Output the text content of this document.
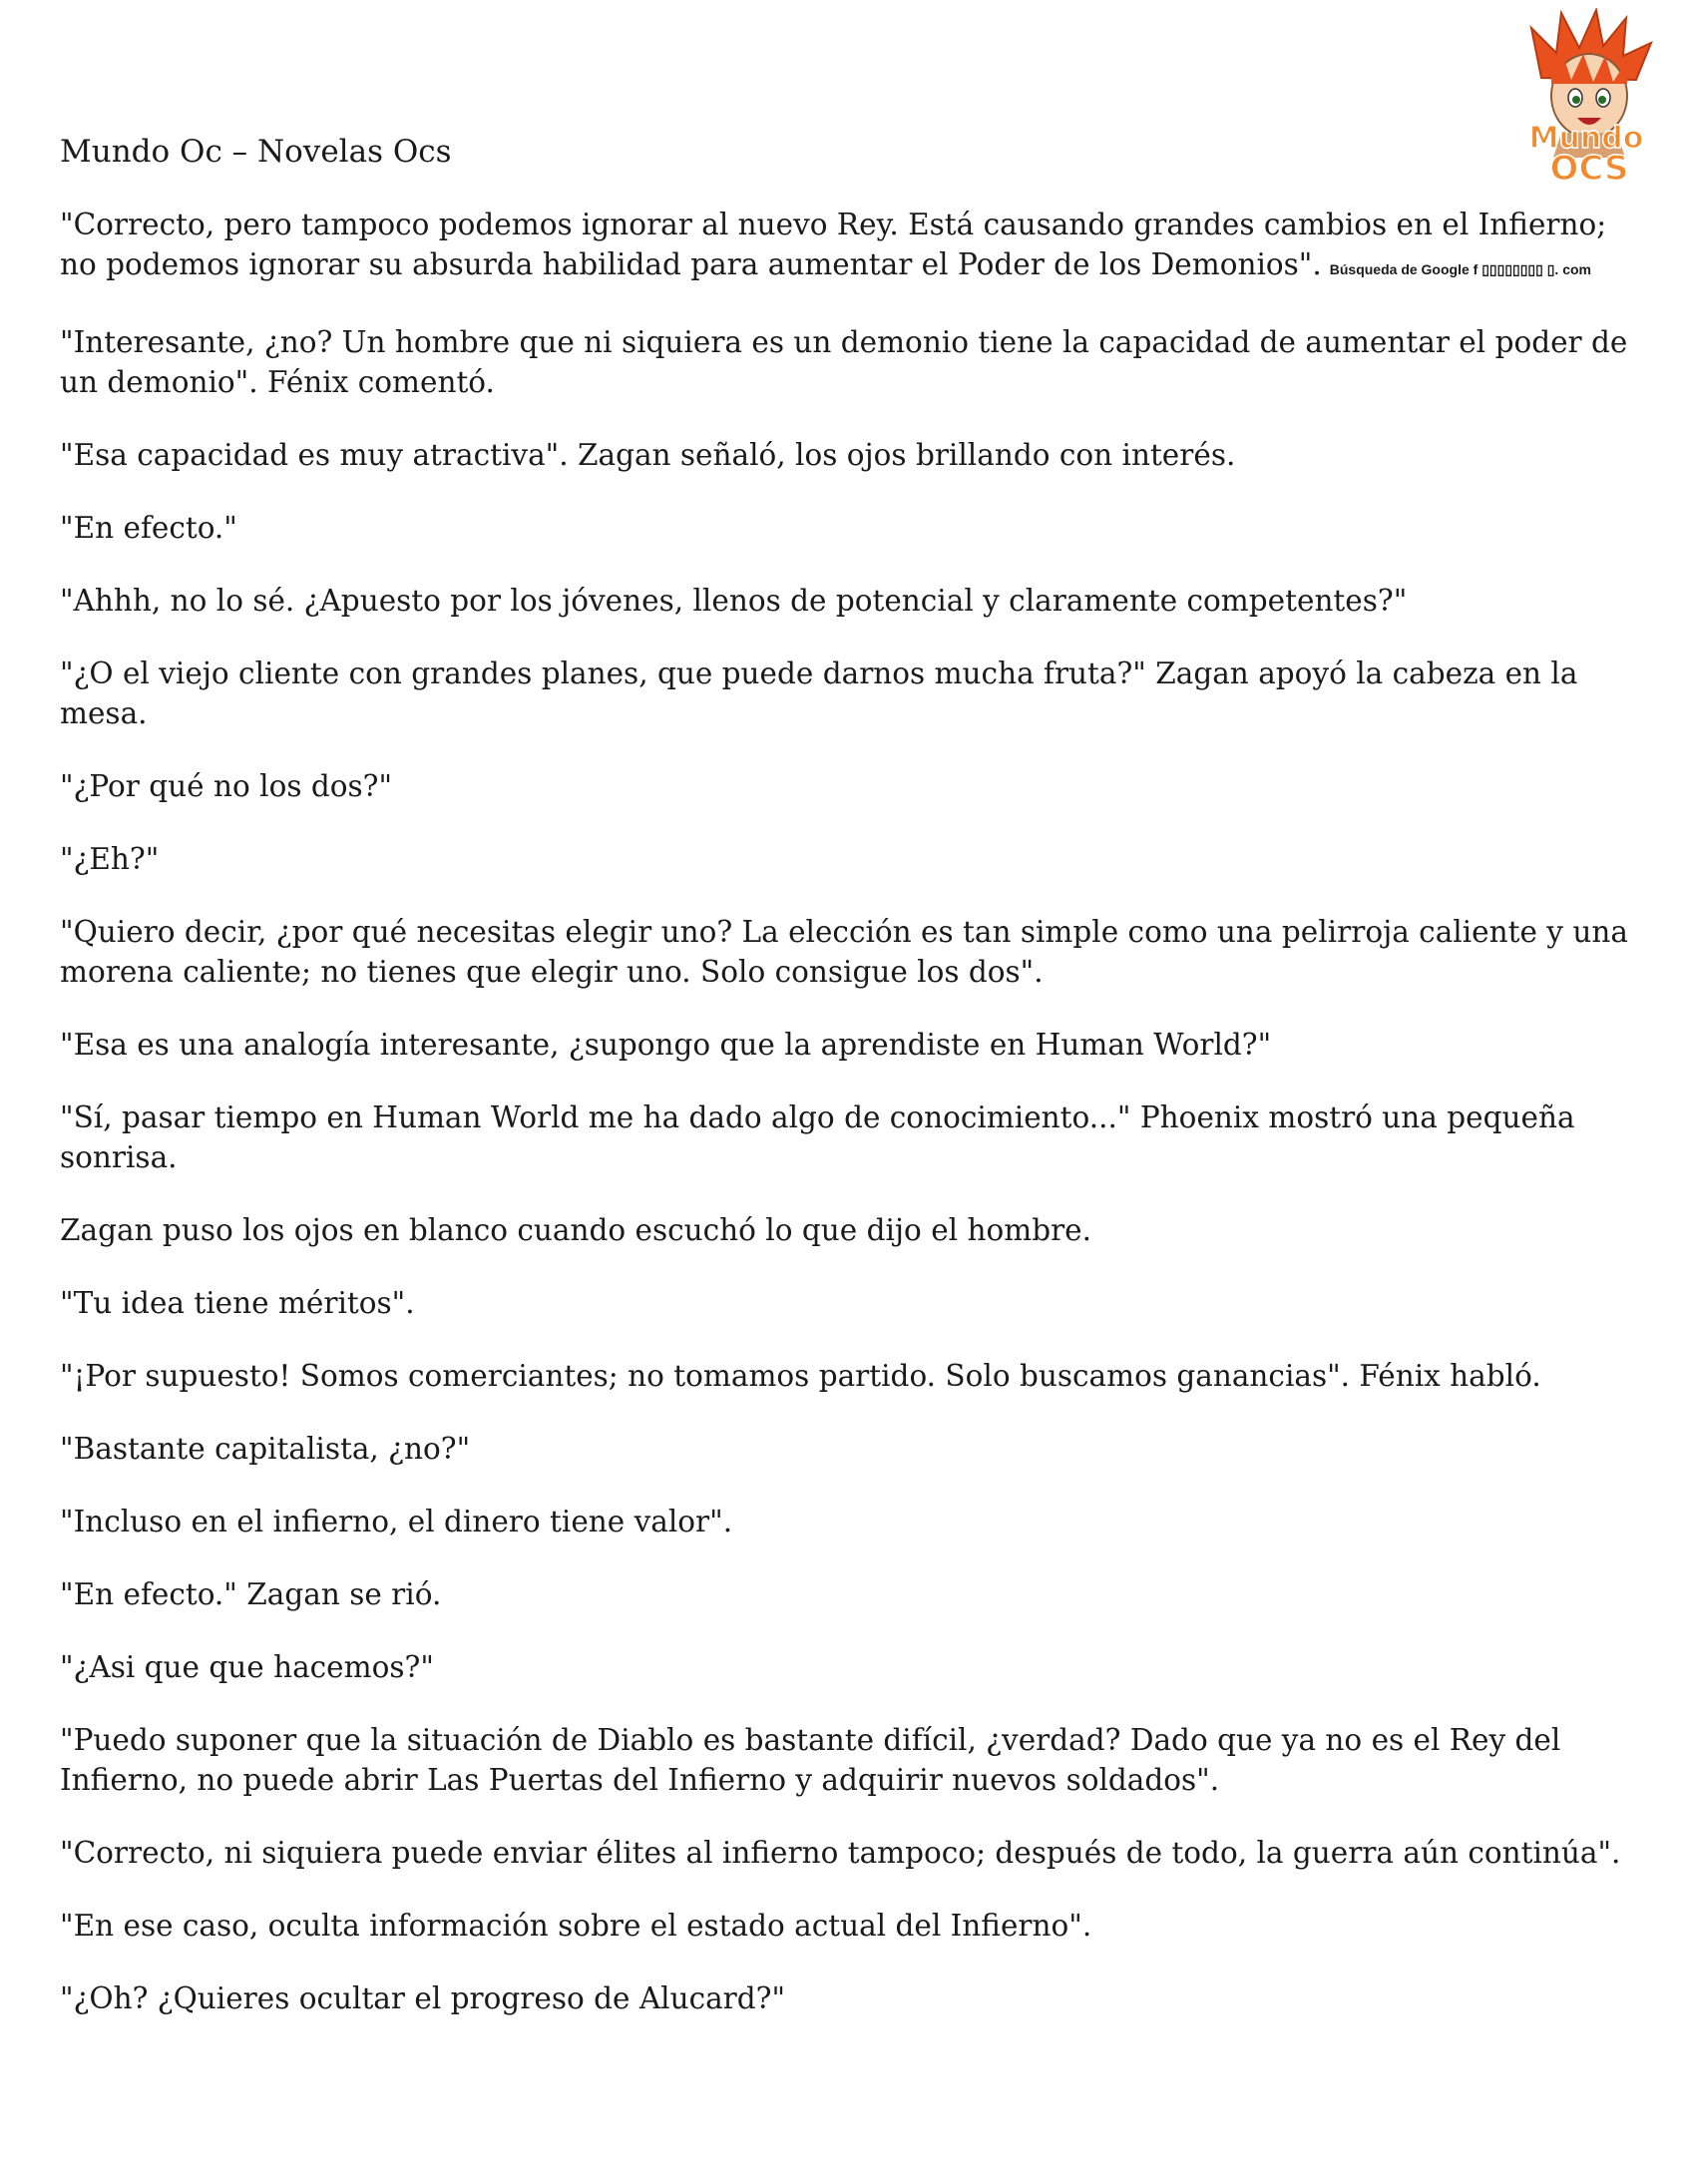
Mundo
OCS
Mundo Oc – Novelas Ocs

"Correcto, pero tampoco podemos ignorar al nuevo Rey. Está causando grandes cambios en el Infierno; no podemos ignorar su absurda habilidad para aumentar el Poder de los Demonios". Búsqueda de Google f ▯▯▯▯▯▯▯▯ ▯. com

"Interesante, ¿no? Un hombre que ni siquiera es un demonio tiene la capacidad de aumentar el poder de un demonio". Fénix comentó.

"Esa capacidad es muy atractiva". Zagan señaló, los ojos brillando con interés.

"En efecto."

"Ahhh, no lo sé. ¿Apuesto por los jóvenes, llenos de potencial y claramente competentes?"

"¿O el viejo cliente con grandes planes, que puede darnos mucha fruta?" Zagan apoyó la cabeza en la mesa.

"¿Por qué no los dos?"

"¿Eh?"

"Quiero decir, ¿por qué necesitas elegir uno? La elección es tan simple como una pelirroja caliente y una morena caliente; no tienes que elegir uno. Solo consigue los dos".

"Esa es una analogía interesante, ¿supongo que la aprendiste en Human World?"

"Sí, pasar tiempo en Human World me ha dado algo de conocimiento..." Phoenix mostró una pequeña sonrisa.

Zagan puso los ojos en blanco cuando escuchó lo que dijo el hombre.

"Tu idea tiene méritos".

"¡Por supuesto! Somos comerciantes; no tomamos partido. Solo buscamos ganancias". Fénix habló.

"Bastante capitalista, ¿no?"

"Incluso en el infierno, el dinero tiene valor".

"En efecto." Zagan se rió.

"¿Asi que que hacemos?"

"Puedo suponer que la situación de Diablo es bastante difícil, ¿verdad? Dado que ya no es el Rey del Infierno, no puede abrir Las Puertas del Infierno y adquirir nuevos soldados".

"Correcto, ni siquiera puede enviar élites al infierno tampoco; después de todo, la guerra aún continúa".

"En ese caso, oculta información sobre el estado actual del Infierno".

"¿Oh? ¿Quieres ocultar el progreso de Alucard?"
